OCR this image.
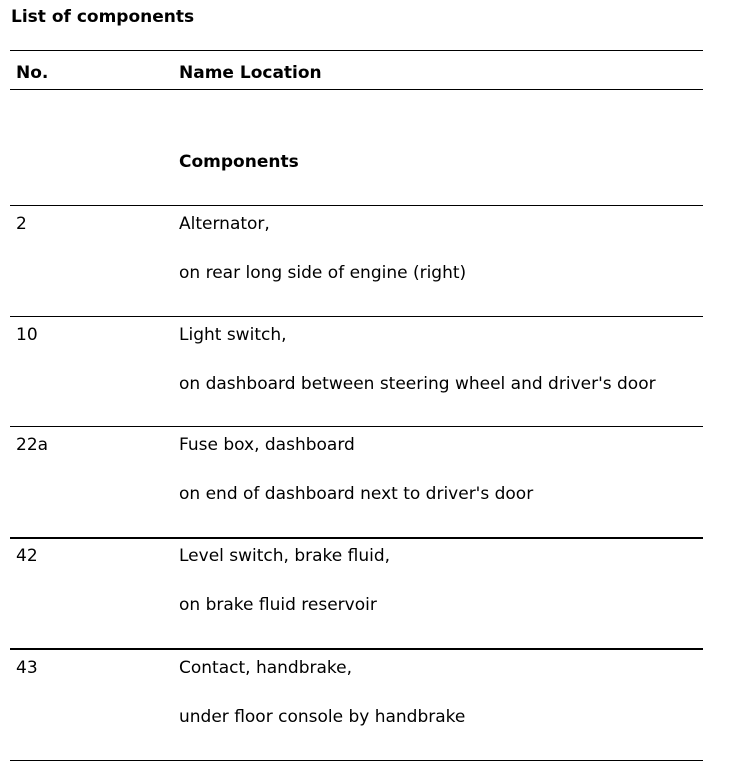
List of components
No.	Name Location
Components
2	Alternator,
on rear long side of engine (right)
10	Light switch,
on dashboard between steering wheel and driver's door
22a	Fuse box, dashboard
on end of dashboard next to driver's door
42	Level switch, brake fluid,
on brake fluid reservoir
43	Contact, handbrake,
under floor console by handbrake
